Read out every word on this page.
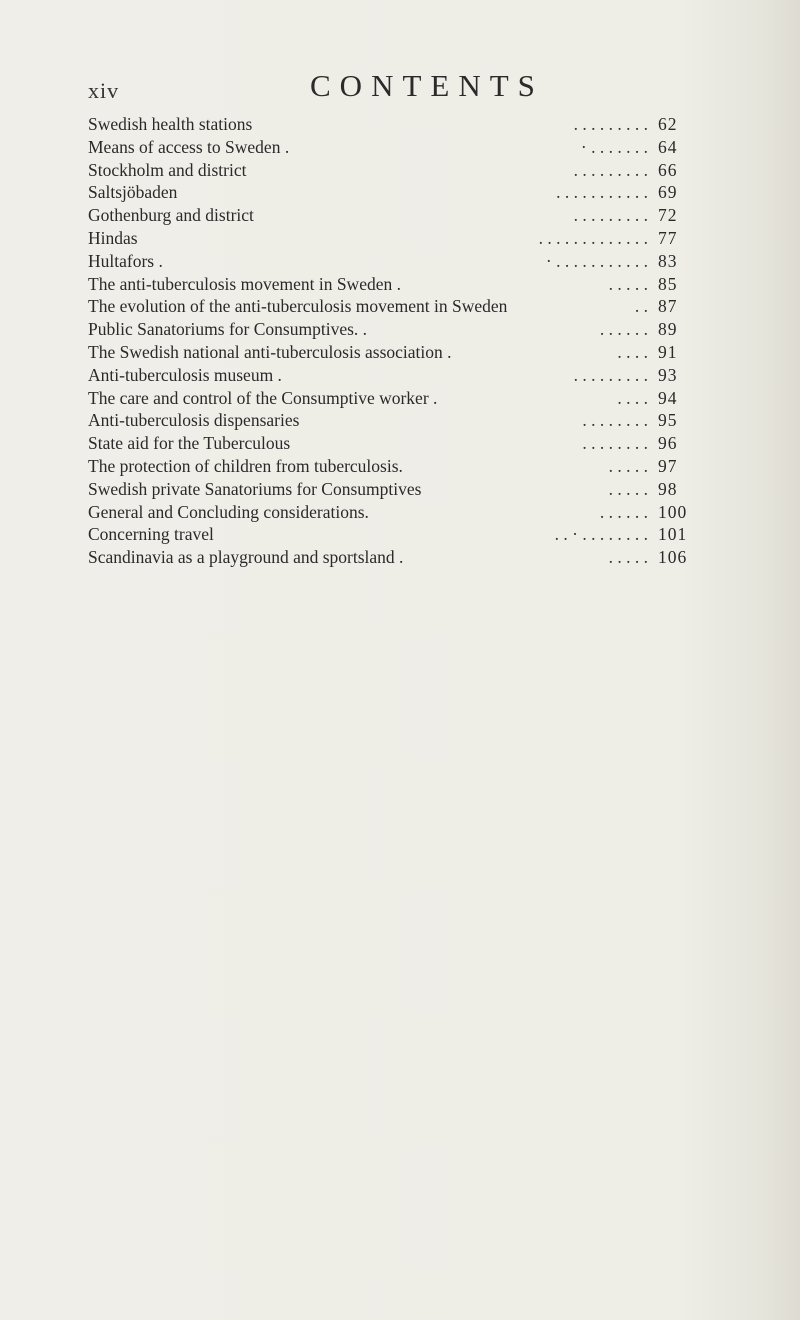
xiv	CONTENTS
Swedish health stations	. . . . . . . . . 62
Means of access to Sweden .	· . . . . . . . 64
Stockholm and district	. . . . . . . . . 66
Saltsjöbaden	. . . . . . . . . . . 69
Gothenburg and district	. . . . . . . . . 72
Hindas	. . . . . . . . . . . . . 77
Hultafors .	· . . . . . . . . . . . 83
The anti-tuberculosis movement in Sweden .	. . . . . 85
The evolution of the anti-tuberculosis movement in Sweden	. . 87
Public Sanatoriums for Consumptives. .	. . . . . . 89
The Swedish national anti-tuberculosis association .	. . . . 91
Anti-tuberculosis museum .	. . . . . . . . . 93
The care and control of the Consumptive worker .	. . . . 94
Anti-tuberculosis dispensaries	. . . . . . . . 95
State aid for the Tuberculous	. . . . . . . . 96
The protection of children from tuberculosis.	. . . . . 97
Swedish private Sanatoriums for Consumptives	. . . . . 98
General and Concluding considerations.	. . . . . . 100
Concerning travel	. . · . . . . . . . . 101
Scandinavia as a playground and sportsland .	. . . . . 106
